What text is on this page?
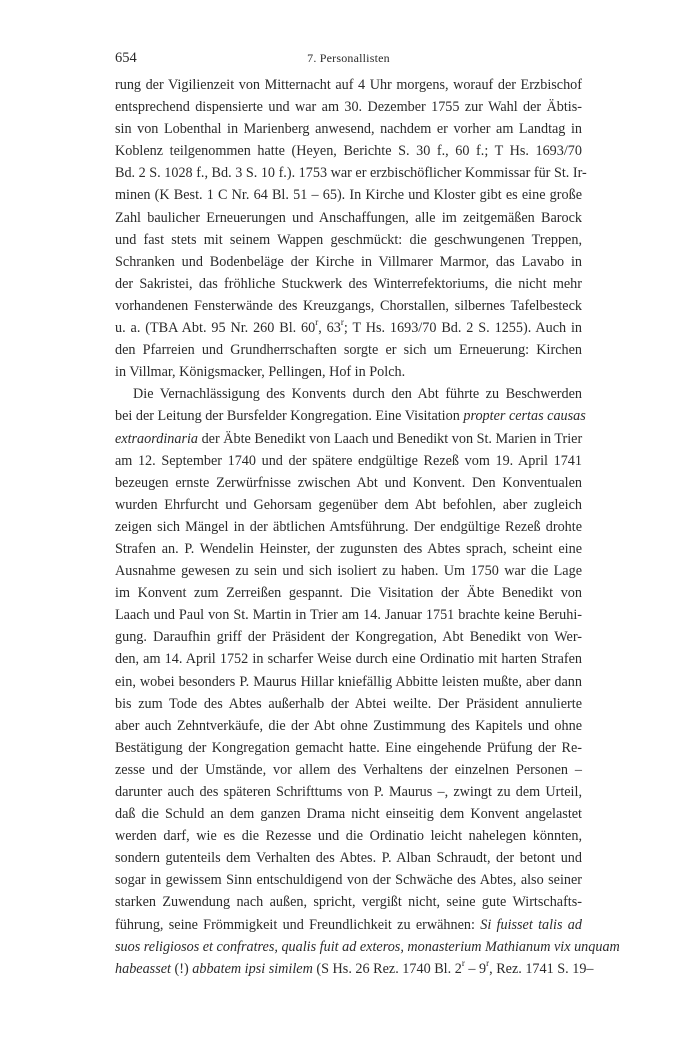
654	7. Personallisten
rung der Vigilienzeit von Mitternacht auf 4 Uhr morgens, worauf der Erzbischof
entsprechend dispensierte und war am 30. Dezember 1755 zur Wahl der Äbtis-
sin von Lobenthal in Marienberg anwesend, nachdem er vorher am Landtag in
Koblenz teilgenommen hatte (Heyen, Berichte S. 30 f., 60 f.; T Hs. 1693/70
Bd. 2 S. 1028 f., Bd. 3 S. 10 f.). 1753 war er erzbischöflicher Kommissar für St. Ir-
minen (K Best. 1 C Nr. 64 Bl. 51 – 65). In Kirche und Kloster gibt es eine große
Zahl baulicher Erneuerungen und Anschaffungen, alle im zeitgemäßen Barock
und fast stets mit seinem Wappen geschmückt: die geschwungenen Treppen,
Schranken und Bodenbeläge der Kirche in Villmarer Marmor, das Lavabo in
der Sakristei, das fröhliche Stuckwerk des Winterrefektoriums, die nicht mehr
vorhandenen Fensterwände des Kreuzgangs, Chorstallen, silbernes Tafelbesteck
u. a. (TBA Abt. 95 Nr. 260 Bl. 60$^r$, 63$^r$; T Hs. 1693/70 Bd. 2 S. 1255). Auch in
den Pfarreien und Grundherrschaften sorgte er sich um Erneuerung: Kirchen
in Villmar, Königsmacker, Pellingen, Hof in Polch.
Die Vernachlässigung des Konvents durch den Abt führte zu Beschwerden
bei der Leitung der Bursfelder Kongregation. Eine Visitation propter certas causas
extraordinaria der Äbte Benedikt von Laach und Benedikt von St. Marien in Trier
am 12. September 1740 und der spätere endgültige Rezeß vom 19. April 1741
bezeugen ernste Zerwürfnisse zwischen Abt und Konvent. Den Konventualen
wurden Ehrfurcht und Gehorsam gegenüber dem Abt befohlen, aber zugleich
zeigen sich Mängel in der äbtlichen Amtsführung. Der endgültige Rezeß drohte
Strafen an. P. Wendelin Heinster, der zugunsten des Abtes sprach, scheint eine
Ausnahme gewesen zu sein und sich isoliert zu haben. Um 1750 war die Lage
im Konvent zum Zerreißen gespannt. Die Visitation der Äbte Benedikt von
Laach und Paul von St. Martin in Trier am 14. Januar 1751 brachte keine Beruhi-
gung. Daraufhin griff der Präsident der Kongregation, Abt Benedikt von Wer-
den, am 14. April 1752 in scharfer Weise durch eine Ordinatio mit harten Strafen
ein, wobei besonders P. Maurus Hillar kniefällig Abbitte leisten mußte, aber dann
bis zum Tode des Abtes außerhalb der Abtei weilte. Der Präsident annulierte
aber auch Zehntverkäufe, die der Abt ohne Zustimmung des Kapitels und ohne
Bestätigung der Kongregation gemacht hatte. Eine eingehende Prüfung der Re-
zesse und der Umstände, vor allem des Verhaltens der einzelnen Personen –
darunter auch des späteren Schrifttums von P. Maurus –, zwingt zu dem Urteil,
daß die Schuld an dem ganzen Drama nicht einseitig dem Konvent angelastet
werden darf, wie es die Rezesse und die Ordinatio leicht nahelegen könnten,
sondern gutenteils dem Verhalten des Abtes. P. Alban Schraudt, der betont und
sogar in gewissem Sinn entschuldigend von der Schwäche des Abtes, also seiner
starken Zuwendung nach außen, spricht, vergißt nicht, seine gute Wirtschafts-
führung, seine Frömmigkeit und Freundlichkeit zu erwähnen: Si fuisset talis ad
suos religiosos et confratres, qualis fuit ad exteros, monasterium Mathianum vix unquam
habeasset (!) abbatem ipsi similem (S Hs. 26 Rez. 1740 Bl. 2$^r$ – 9$^r$, Rez. 1741 S. 19–
